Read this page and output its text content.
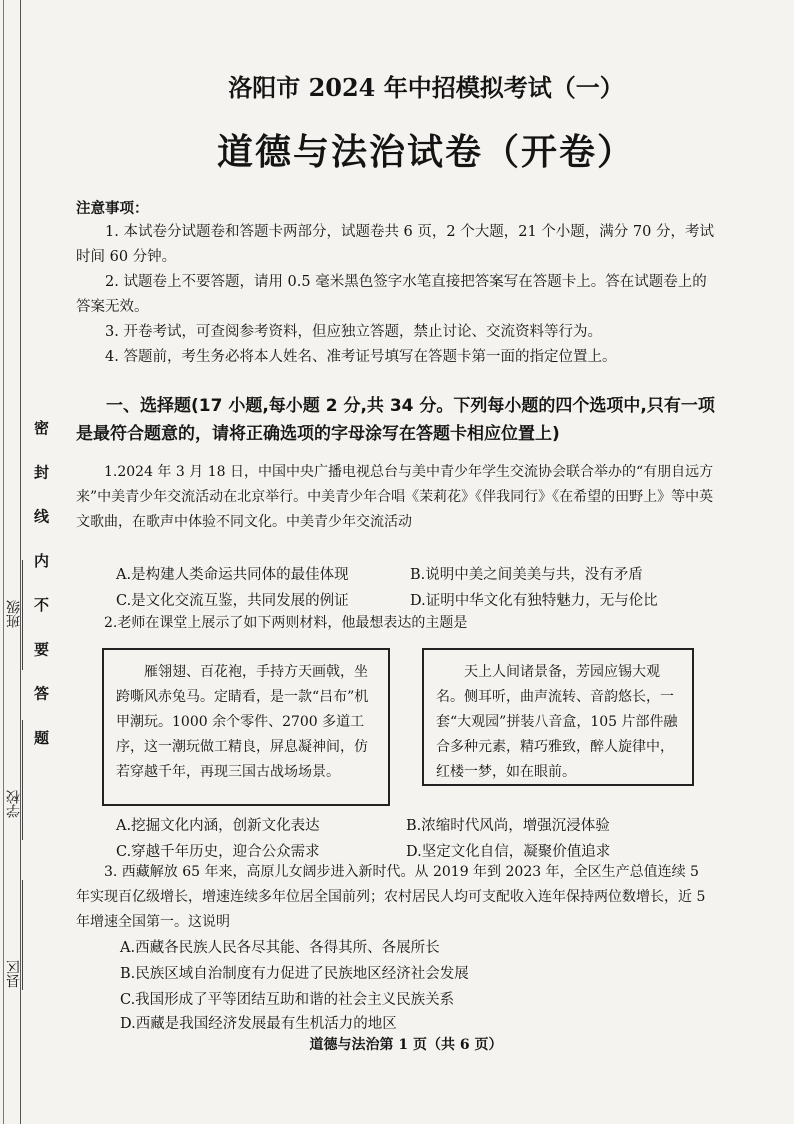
密 封 线 内 不 要 答 题
县区
学校
班级
洛阳市 2024 年中招模拟考试（一）
道德与法治试卷（开卷）
注意事项：
1. 本试卷分试题卷和答题卡两部分，试题卷共 6 页，2 个大题，21 个小题，满分 70 分，考试时间 60 分钟。
2. 试题卷上不要答题，请用 0.5 毫米黑色签字水笔直接把答案写在答题卡上。答在试题卷上的答案无效。
3. 开卷考试，可查阅参考资料，但应独立答题，禁止讨论、交流资料等行为。
4. 答题前，考生务必将本人姓名、准考证号填写在答题卡第一面的指定位置上。
一、选择题(17 小题,每小题 2 分,共 34 分。下列每小题的四个选项中,只有一项是最符合题意的，请将正确选项的字母涂写在答题卡相应位置上)
1.2024 年 3 月 18 日，中国中央广播电视总台与美中青少年学生交流协会联合举办的“有朋自远方来”中美青少年交流活动在北京举行。中美青少年合唱《茉莉花》《伴我同行》《在希望的田野上》等中英文歌曲，在歌声中体验不同文化。中美青少年交流活动
A.是构建人类命运共同体的最佳体现	B.说明中美之间美美与共，没有矛盾
C.是文化交流互鉴，共同发展的例证	D.证明中华文化有独特魅力，无与伦比
2.老师在课堂上展示了如下两则材料，他最想表达的主题是
雁翎翅、百花袍，手持方天画戟，坐跨嘶风赤兔马。定睛看，是一款“吕布”机甲潮玩。1000 余个零件、2700 多道工序，这一潮玩做工精良，屏息凝神间，仿若穿越千年，再现三国古战场场景。
天上人间诸景备，芳园应锡大观名。侧耳听，曲声流转、音韵悠长，一套“大观园”拼装八音盒，105 片部件融合多种元素，精巧雅致，醉人旋律中，红楼一梦，如在眼前。
A.挖掘文化内涵，创新文化表达	B.浓缩时代风尚，增强沉浸体验
C.穿越千年历史，迎合公众需求	D.坚定文化自信，凝聚价值追求
3. 西藏解放 65 年来，高原儿女阔步进入新时代。从 2019 年到 2023 年，全区生产总值连续 5 年实现百亿级增长，增速连续多年位居全国前列；农村居民人均可支配收入连年保持两位数增长，近 5 年增速全国第一。这说明
A.西藏各民族人民各尽其能、各得其所、各展所长
B.民族区域自治制度有力促进了民族地区经济社会发展
C.我国形成了平等团结互助和谐的社会主义民族关系
D.西藏是我国经济发展最有生机活力的地区
道德与法治第 1 页（共 6 页）
